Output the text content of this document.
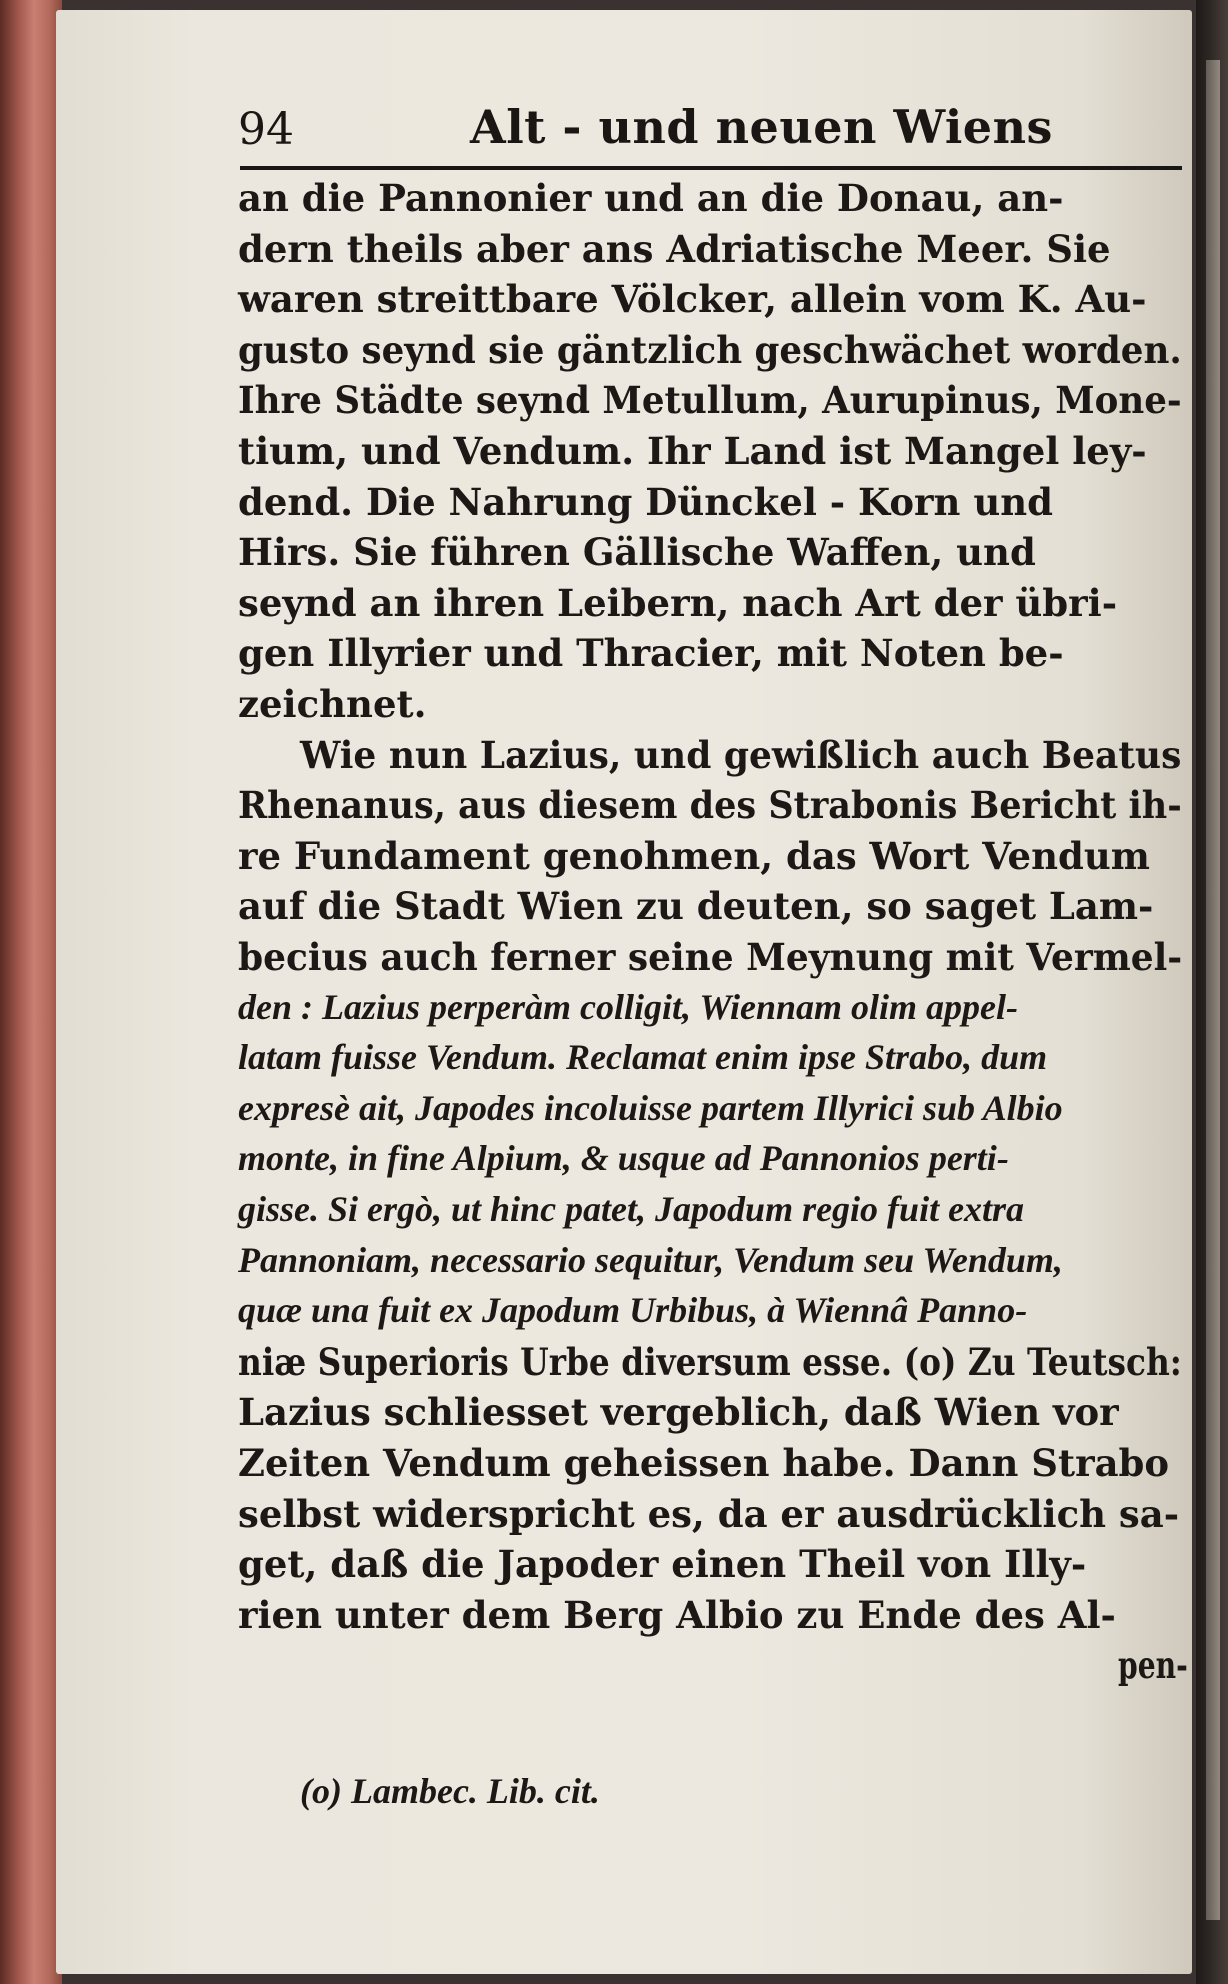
94	Alt - und neuen Wiens
an die Pannonier und an die Donau, an-
dern theils aber ans Adriatische Meer. Sie
waren streittbare Völcker, allein vom K. Au-
gusto seynd sie gäntzlich geschwächet worden.
Ihre Städte seynd Metullum, Aurupinus, Mone-
tium, und Vendum. Ihr Land ist Mangel ley-
dend. Die Nahrung Dünckel - Korn und
Hirs. Sie führen Gällische Waffen, und
seynd an ihren Leibern, nach Art der übri-
gen Illyrier und Thracier, mit Noten be-
zeichnet.
Wie nun Lazius, und gewißlich auch Beatus
Rhenanus, aus diesem des Strabonis Bericht ih-
re Fundament genohmen, das Wort Vendum
auf die Stadt Wien zu deuten, so saget Lam-
becius auch ferner seine Meynung mit Vermel-
den : Lazius perperàm colligit, Wiennam olim appel-
latam fuisse Vendum. Reclamat enim ipse Strabo, dum
expresè ait, Japodes incoluisse partem Illyrici sub Albio
monte, in fine Alpium, & usque ad Pannonios perti-
gisse. Si ergò, ut hinc patet, Japodum regio fuit extra
Pannoniam, necessario sequitur, Vendum seu Wendum,
quæ una fuit ex Japodum Urbibus, à Wiennâ Panno-
niæ Superioris Urbe diversum esse. (o) Zu Teutsch:
Lazius schliesset vergeblich, daß Wien vor
Zeiten Vendum geheissen habe. Dann Strabo
selbst widerspricht es, da er ausdrücklich sa-
get, daß die Japoder einen Theil von Illy-
rien unter dem Berg Albio zu Ende des Al-
pen-
(o) Lambec. Lib. cit.
